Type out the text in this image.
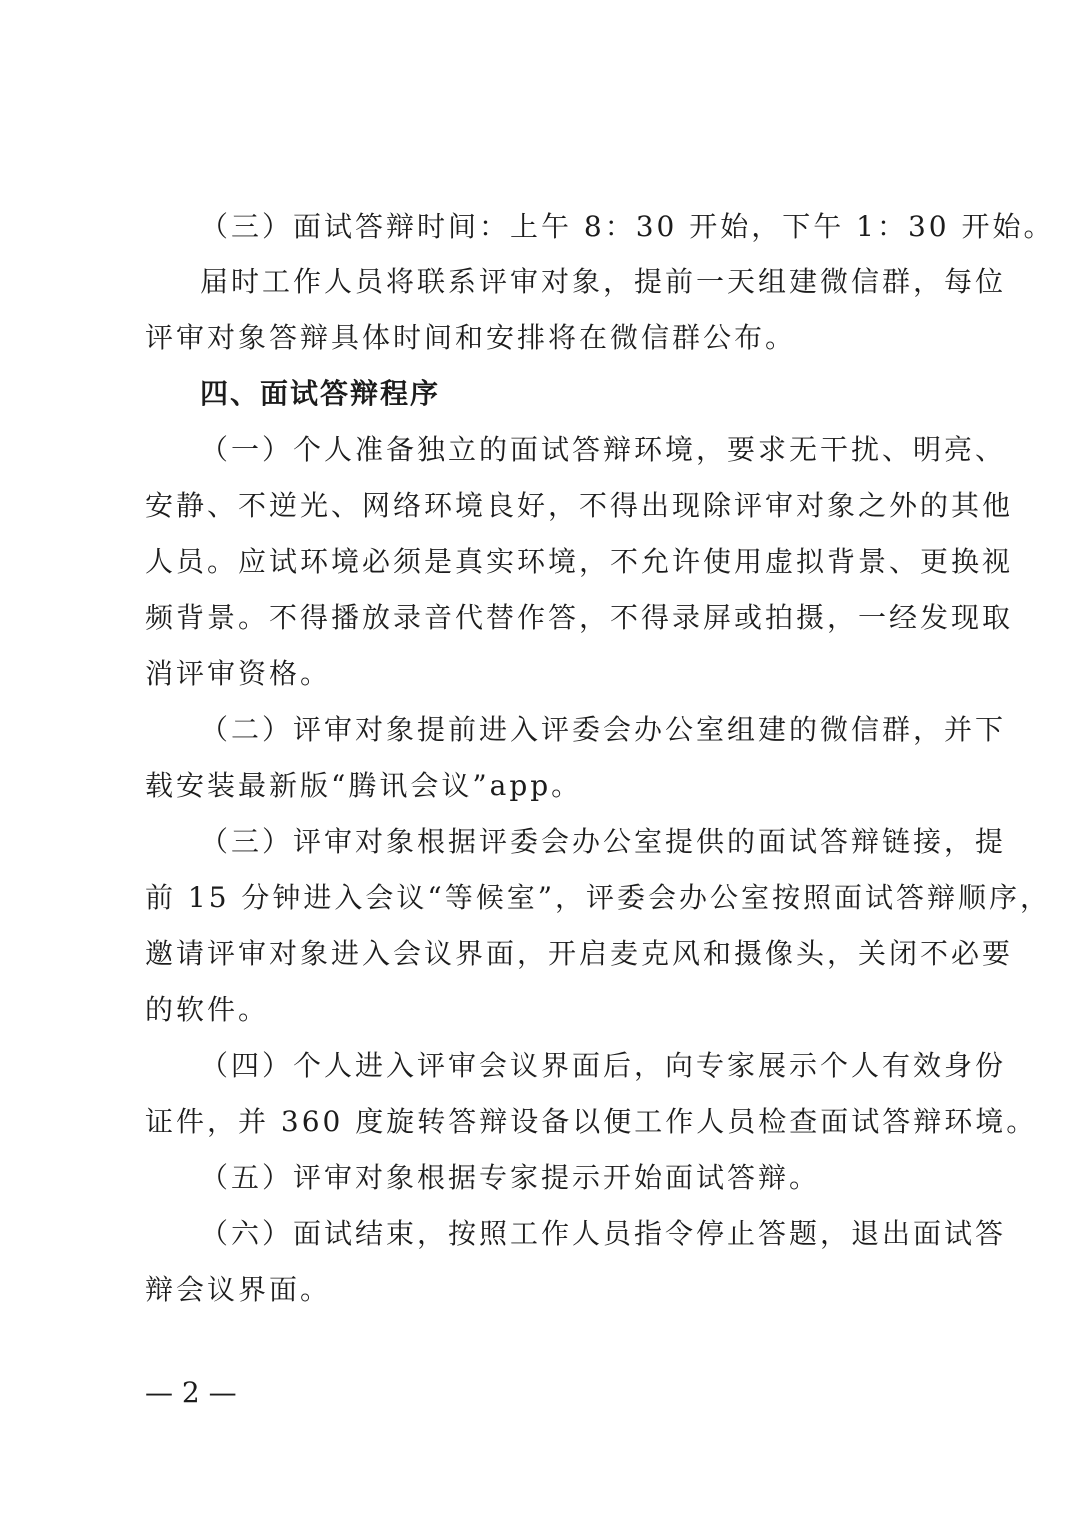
（三）面试答辩时间：上午 8：30 开始，下午 1：30 开始。
届时工作人员将联系评审对象，提前一天组建微信群，每位
评审对象答辩具体时间和安排将在微信群公布。
四、面试答辩程序
（一）个人准备独立的面试答辩环境，要求无干扰、明亮、
安静、不逆光、网络环境良好，不得出现除评审对象之外的其他
人员。应试环境必须是真实环境，不允许使用虚拟背景、更换视
频背景。不得播放录音代替作答，不得录屏或拍摄，一经发现取
消评审资格。
（二）评审对象提前进入评委会办公室组建的微信群，并下
载安装最新版“腾讯会议”app。
（三）评审对象根据评委会办公室提供的面试答辩链接，提
前 15 分钟进入会议“等候室”，评委会办公室按照面试答辩顺序，
邀请评审对象进入会议界面，开启麦克风和摄像头，关闭不必要
的软件。
（四）个人进入评审会议界面后，向专家展示个人有效身份
证件，并 360 度旋转答辩设备以便工作人员检查面试答辩环境。
（五）评审对象根据专家提示开始面试答辩。
（六）面试结束，按照工作人员指令停止答题，退出面试答
辩会议界面。
— 2 —
